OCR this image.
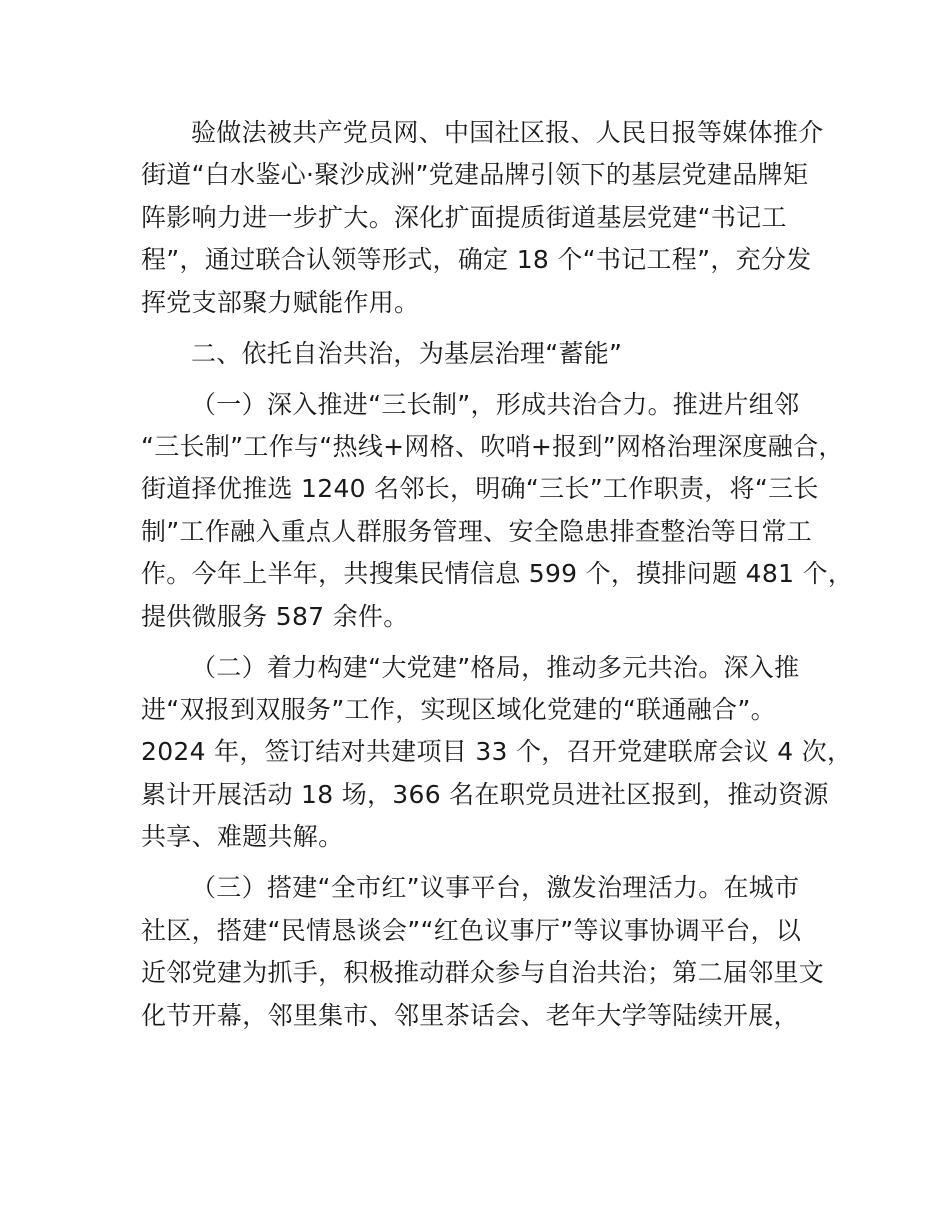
验做法被共产党员网、中国社区报、人民日报等媒体推介
街道“白水鉴心·聚沙成洲”党建品牌引领下的基层党建品牌矩
阵影响力进一步扩大。深化扩面提质街道基层党建“书记工
程”，通过联合认领等形式，确定 18 个“书记工程”，充分发
挥党支部聚力赋能作用。

二、依托自治共治，为基层治理“蓄能”

（一）深入推进“三长制”，形成共治合力。推进片组邻
“三长制”工作与“热线+网格、吹哨+报到”网格治理深度融合，
街道择优推选 1240 名邻长，明确“三长”工作职责，将“三长
制”工作融入重点人群服务管理、安全隐患排查整治等日常工
作。今年上半年，共搜集民情信息 599 个，摸排问题 481 个，
提供微服务 587 余件。

（二）着力构建“大党建”格局，推动多元共治。深入推
进“双报到双服务”工作，实现区域化党建的“联通融合”。
2024 年，签订结对共建项目 33 个，召开党建联席会议 4 次，
累计开展活动 18 场，366 名在职党员进社区报到，推动资源
共享、难题共解。

（三）搭建“全市红”议事平台，激发治理活力。在城市
社区，搭建“民情恳谈会”“红色议事厅”等议事协调平台，以
近邻党建为抓手，积极推动群众参与自治共治；第二届邻里文
化节开幕，邻里集市、邻里茶话会、老年大学等陆续开展，
